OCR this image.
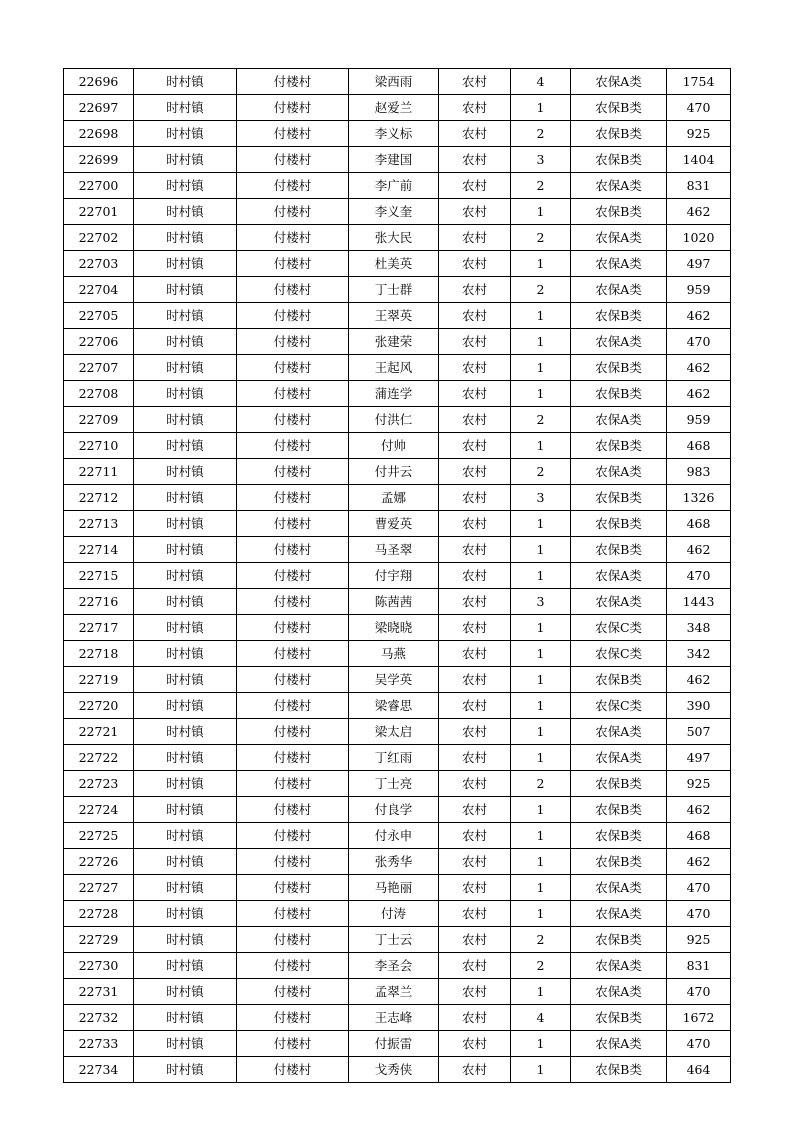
22696	时村镇	付楼村	梁西雨	农村	4	农保A类	1754
22697	时村镇	付楼村	赵爱兰	农村	1	农保B类	470
22698	时村镇	付楼村	李义标	农村	2	农保B类	925
22699	时村镇	付楼村	李建国	农村	3	农保B类	1404
22700	时村镇	付楼村	李广前	农村	2	农保A类	831
22701	时村镇	付楼村	李义奎	农村	1	农保B类	462
22702	时村镇	付楼村	张大民	农村	2	农保A类	1020
22703	时村镇	付楼村	杜美英	农村	1	农保A类	497
22704	时村镇	付楼村	丁士群	农村	2	农保A类	959
22705	时村镇	付楼村	王翠英	农村	1	农保B类	462
22706	时村镇	付楼村	张建荣	农村	1	农保A类	470
22707	时村镇	付楼村	王起风	农村	1	农保B类	462
22708	时村镇	付楼村	蒲连学	农村	1	农保B类	462
22709	时村镇	付楼村	付洪仁	农村	2	农保A类	959
22710	时村镇	付楼村	付帅	农村	1	农保B类	468
22711	时村镇	付楼村	付井云	农村	2	农保A类	983
22712	时村镇	付楼村	孟娜	农村	3	农保B类	1326
22713	时村镇	付楼村	曹爱英	农村	1	农保B类	468
22714	时村镇	付楼村	马圣翠	农村	1	农保B类	462
22715	时村镇	付楼村	付宇翔	农村	1	农保A类	470
22716	时村镇	付楼村	陈茜茜	农村	3	农保A类	1443
22717	时村镇	付楼村	梁晓晓	农村	1	农保C类	348
22718	时村镇	付楼村	马燕	农村	1	农保C类	342
22719	时村镇	付楼村	吴学英	农村	1	农保B类	462
22720	时村镇	付楼村	梁睿思	农村	1	农保C类	390
22721	时村镇	付楼村	梁太启	农村	1	农保A类	507
22722	时村镇	付楼村	丁红雨	农村	1	农保A类	497
22723	时村镇	付楼村	丁士亮	农村	2	农保B类	925
22724	时村镇	付楼村	付良学	农村	1	农保B类	462
22725	时村镇	付楼村	付永申	农村	1	农保B类	468
22726	时村镇	付楼村	张秀华	农村	1	农保B类	462
22727	时村镇	付楼村	马艳丽	农村	1	农保A类	470
22728	时村镇	付楼村	付涛	农村	1	农保A类	470
22729	时村镇	付楼村	丁士云	农村	2	农保B类	925
22730	时村镇	付楼村	李圣会	农村	2	农保A类	831
22731	时村镇	付楼村	孟翠兰	农村	1	农保A类	470
22732	时村镇	付楼村	王志峰	农村	4	农保B类	1672
22733	时村镇	付楼村	付振雷	农村	1	农保A类	470
22734	时村镇	付楼村	戈秀侠	农村	1	农保B类	464
